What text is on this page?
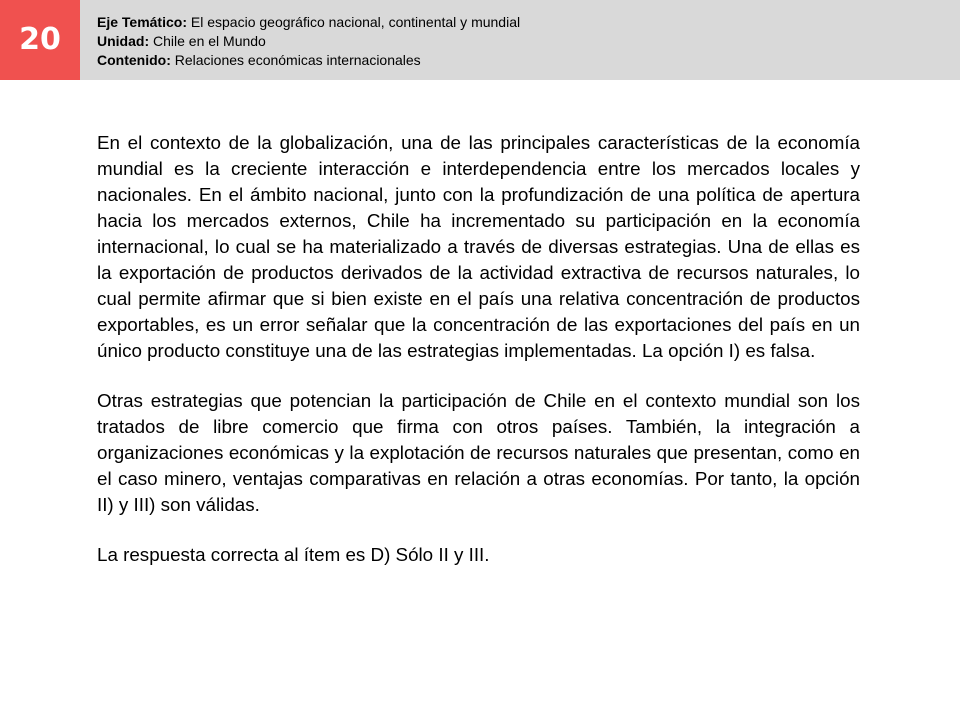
20	Eje Temático: El espacio geográfico nacional, continental y mundial
Unidad: Chile en el Mundo
Contenido: Relaciones económicas internacionales

En el contexto de la globalización, una de las principales características de la economía mundial es la creciente interacción e interdependencia entre los mercados locales y nacionales. En el ámbito nacional, junto con la profundización de una política de apertura hacia los mercados externos, Chile ha incrementado su participación en la economía internacional, lo cual se ha materializado a través de diversas estrategias. Una de ellas es la exportación de productos derivados de la actividad extractiva de recursos naturales, lo cual permite afirmar que si bien existe en el país una relativa concentración de productos exportables, es un error señalar que la concentración de las exportaciones del país en un único producto constituye una de las estrategias implementadas. La opción I) es falsa.

Otras estrategias que potencian la participación de Chile en el contexto mundial son los tratados de libre comercio que firma con otros países. También, la integración a organizaciones económicas y la explotación de recursos naturales que presentan, como en el caso minero, ventajas comparativas en relación a otras economías. Por tanto, la opción II) y III) son válidas.

La respuesta correcta al ítem es D) Sólo II y III.
